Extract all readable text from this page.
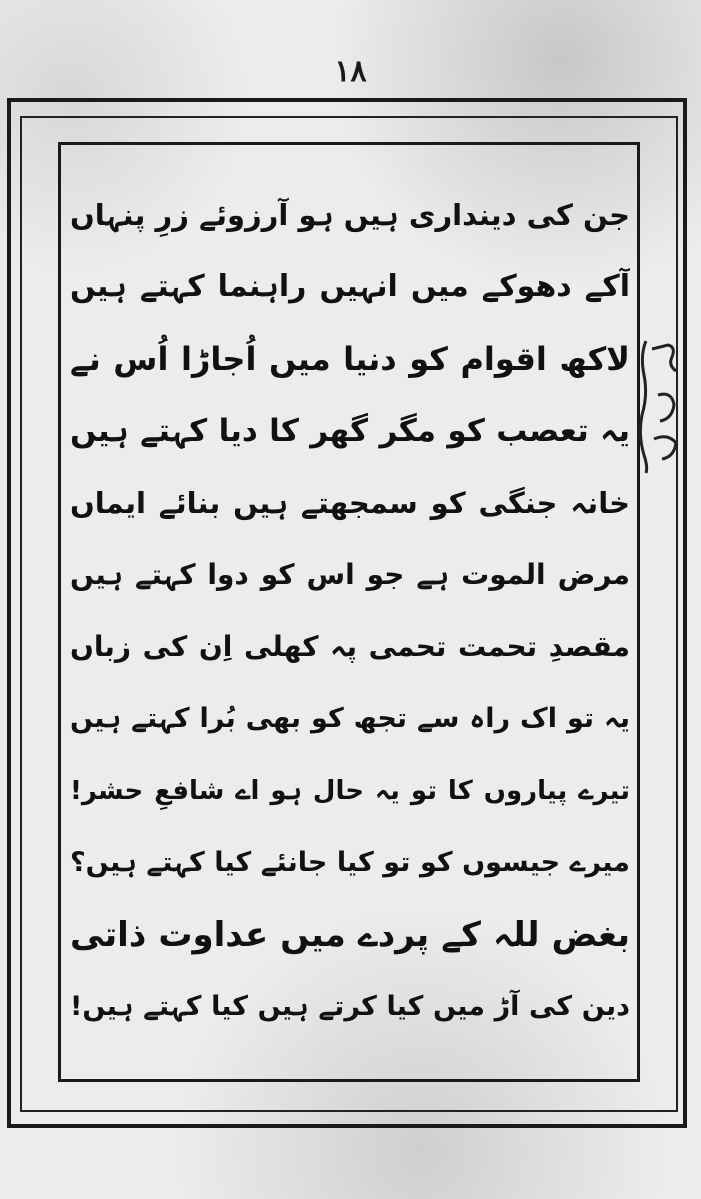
۱۸
جن کی دینداری ہیں ہو آرزوئے زرِ پنہاں
آکے دھوکے میں انہیں راہنما کہتے ہیں
لاکھ اقوام کو دنیا میں اُجاڑا اُس نے
یہ تعصب کو مگر گھر کا دیا کہتے ہیں
خانہ جنگی کو سمجھتے ہیں بنائے ایماں
مرض الموت ہے جو اس کو دوا کہتے ہیں
مقصدِ تحمت تحمی پہ کھلی اِن کی زباں
یہ تو اک راہ سے تجھ کو بھی بُرا کہتے ہیں
تیرے پیاروں کا تو یہ حال ہو اے شافعِ حشر!
میرے جیسوں کو تو کیا جانئے کیا کہتے ہیں؟
بغض للہ کے پردے میں عداوت ذاتی
دین کی آڑ میں کیا کرتے ہیں کیا کہتے ہیں!
